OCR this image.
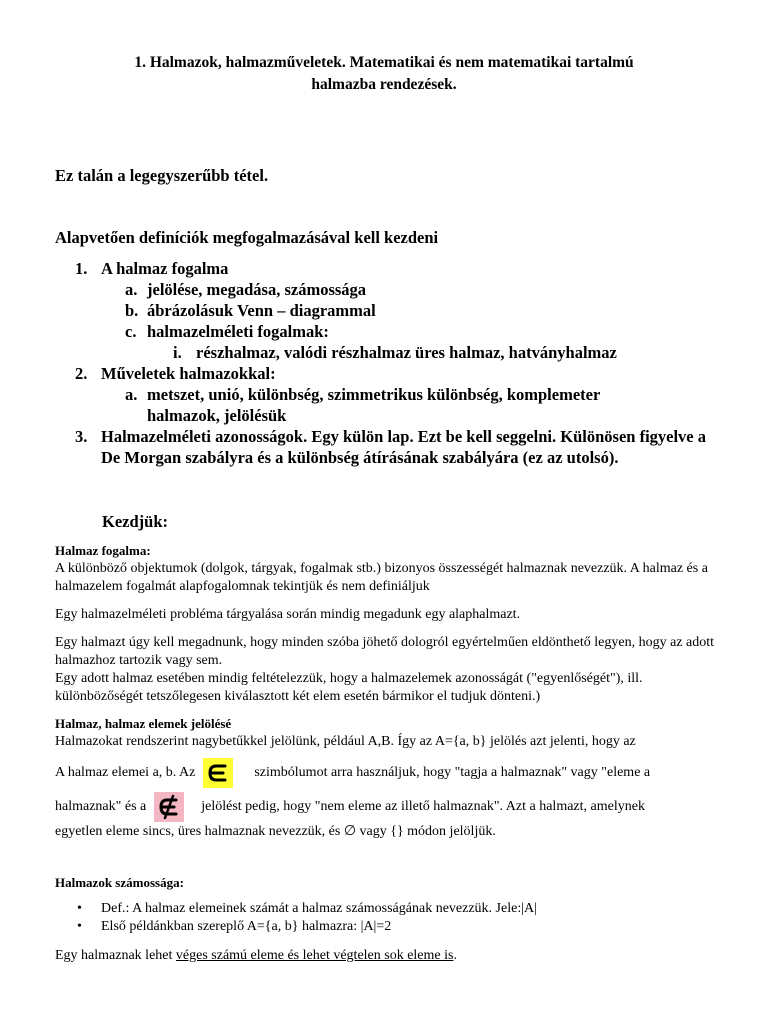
1. Halmazok, halmazműveletek. Matematikai és nem matematikai tartalmú
halmazba rendezések.
Ez talán a legegyszerűbb tétel.
Alapvetően definíciók megfogalmazásával kell kezdeni
1. A halmaz fogalma
a. jelölése, megadása, számossága
b. ábrázolásuk Venn – diagrammal
c. halmazelméleti fogalmak:
i. részhalmaz, valódi részhalmaz üres halmaz, hatványhalmaz
2. Műveletek halmazokkal:
a. metszet, unió, különbség, szimmetrikus különbség, komplemeter halmazok, jelölésük
3. Halmazelméleti azonosságok. Egy külön lap. Ezt be kell seggelni. Különösen figyelve a De Morgan szabályra és a különbség átírásának szabályára (ez az utolsó).
Kezdjük:
Halmaz fogalma:
A különböző objektumok (dolgok, tárgyak, fogalmak stb.) bizonyos összességét halmaznak nevezzük. A halmaz és a halmazelem fogalmát alapfogalomnak tekintjük és nem definiáljuk
Egy halmazelméleti probléma tárgyalása során mindig megadunk egy alaphalmazt.
Egy halmazt úgy kell megadnunk, hogy minden szóba jöhető dologról egyértelműen eldönthető legyen, hogy az adott halmazhoz tartozik vagy sem.
Egy adott halmaz esetében mindig feltételezzük, hogy a halmazelemek azonosságát ("egyenlőségét"), ill. különbözőségét tetszőlegesen kiválasztott két elem esetén bármikor el tudjuk dönteni.)
Halmaz, halmaz elemek jelölésé
Halmazokat rendszerint nagybetűkkel jelölünk, például A,B. Így az A={a, b} jelölés azt jelenti, hogy az
A halmaz elemei a, b. Az	szimbólumot arra használjuk, hogy "tagja a halmaznak" vagy "eleme a
halmaznak" és a	jelölést pedig, hogy "nem eleme az illető halmaznak". Azt a halmazt, amelynek
egyetlen eleme sincs, üres halmaznak nevezzük, és ∅ vagy {} módon jelöljük.
Halmazok számossága:
• Def.: A halmaz elemeinek számát a halmaz számosságának nevezzük. Jele:|A|
• Első példánkban szereplő A={a, b} halmazra: |A|=2
Egy halmaznak lehet véges számú eleme és lehet végtelen sok eleme is.
